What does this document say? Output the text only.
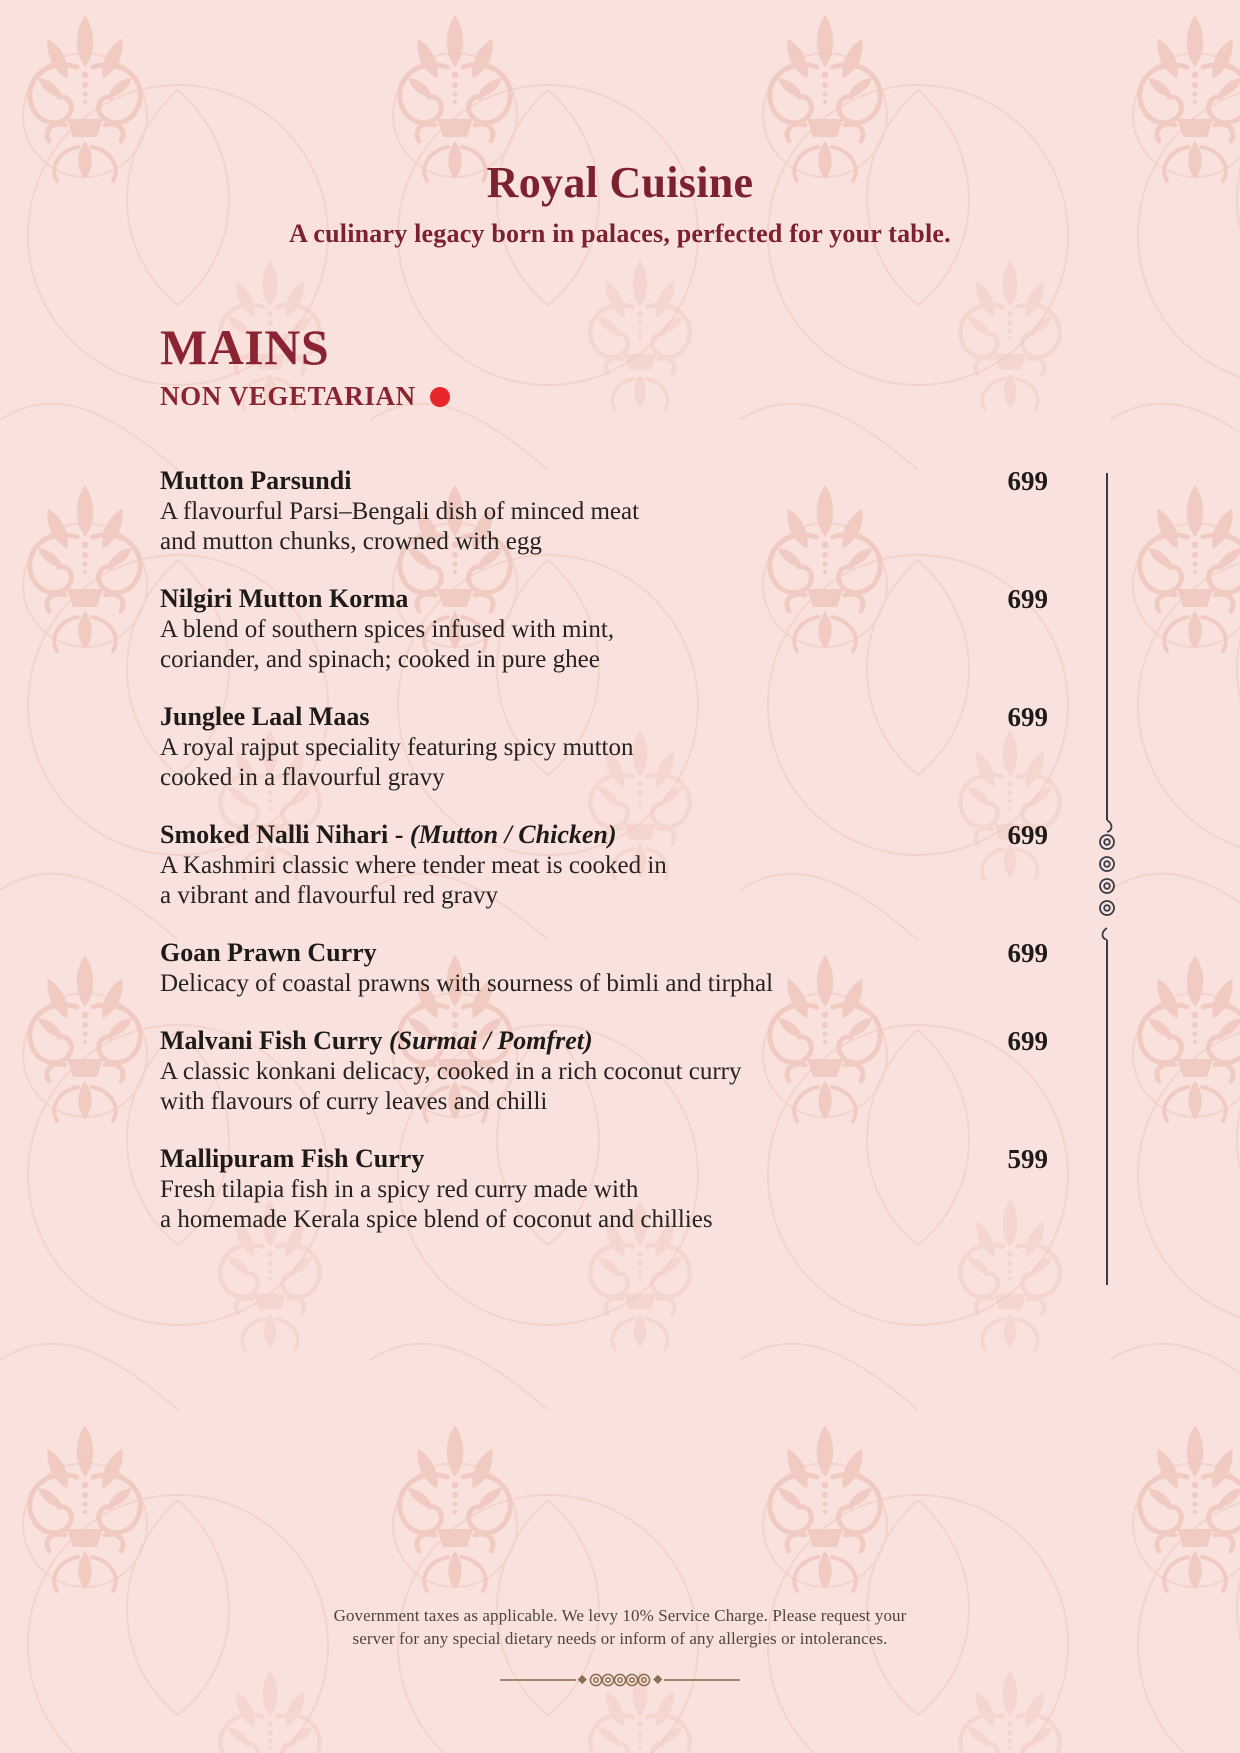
Royal Cuisine
A culinary legacy born in palaces, perfected for your table.
MAINS
NON VEGETARIAN
Mutton Parsundi
A flavourful Parsi–Bengali dish of minced meat
and mutton chunks, crowned with egg
699
Nilgiri Mutton Korma
A blend of southern spices infused with mint,
coriander, and spinach; cooked in pure ghee
699
Junglee Laal Maas
A royal rajput speciality featuring spicy mutton
cooked in a flavourful gravy
699
Smoked Nalli Nihari - (Mutton / Chicken)
A Kashmiri classic where tender meat is cooked in
a vibrant and flavourful red gravy
699
Goan Prawn Curry
Delicacy of coastal prawns with sourness of bimli and tirphal
699
Malvani Fish Curry (Surmai / Pomfret)
A classic konkani delicacy, cooked in a rich coconut curry
with flavours of curry leaves and chilli
699
Mallipuram Fish Curry
Fresh tilapia fish in a spicy red curry made with
a homemade Kerala spice blend of coconut and chillies
599
Government taxes as applicable. We levy 10% Service Charge. Please request your
server for any special dietary needs or inform of any allergies or intolerances.
